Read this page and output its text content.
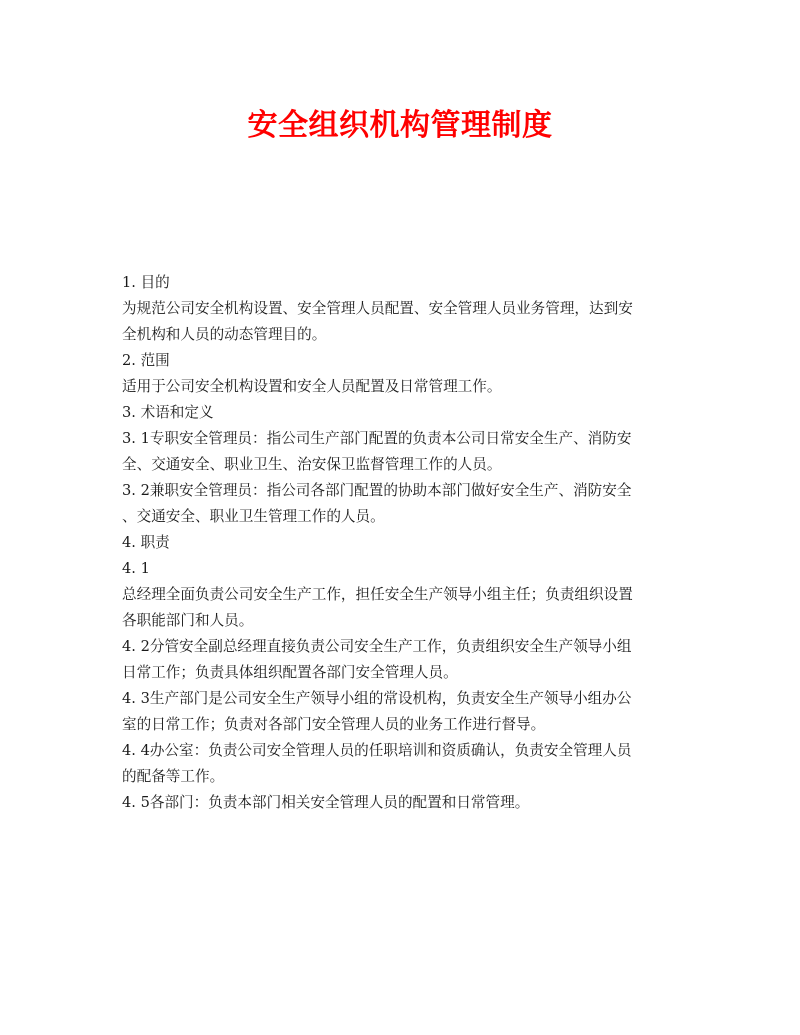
安全组织机构管理制度
1. 目的
为规范公司安全机构设置、安全管理人员配置、安全管理人员业务管理，达到安
全机构和人员的动态管理目的。
2. 范围
适用于公司安全机构设置和安全人员配置及日常管理工作。
3. 术语和定义
3. 1专职安全管理员：指公司生产部门配置的负责本公司日常安全生产、消防安
全、交通安全、职业卫生、治安保卫监督管理工作的人员。
3. 2兼职安全管理员：指公司各部门配置的协助本部门做好安全生产、消防安全
、交通安全、职业卫生管理工作的人员。
4. 职责
4. 1
总经理全面负责公司安全生产工作，担任安全生产领导小组主任；负责组织设置
各职能部门和人员。
4. 2分管安全副总经理直接负责公司安全生产工作，负责组织安全生产领导小组
日常工作；负责具体组织配置各部门安全管理人员。
4. 3生产部门是公司安全生产领导小组的常设机构，负责安全生产领导小组办公
室的日常工作；负责对各部门安全管理人员的业务工作进行督导。
4. 4办公室：负责公司安全管理人员的任职培训和资质确认，负责安全管理人员
的配备等工作。
4. 5各部门：负责本部门相关安全管理人员的配置和日常管理。
